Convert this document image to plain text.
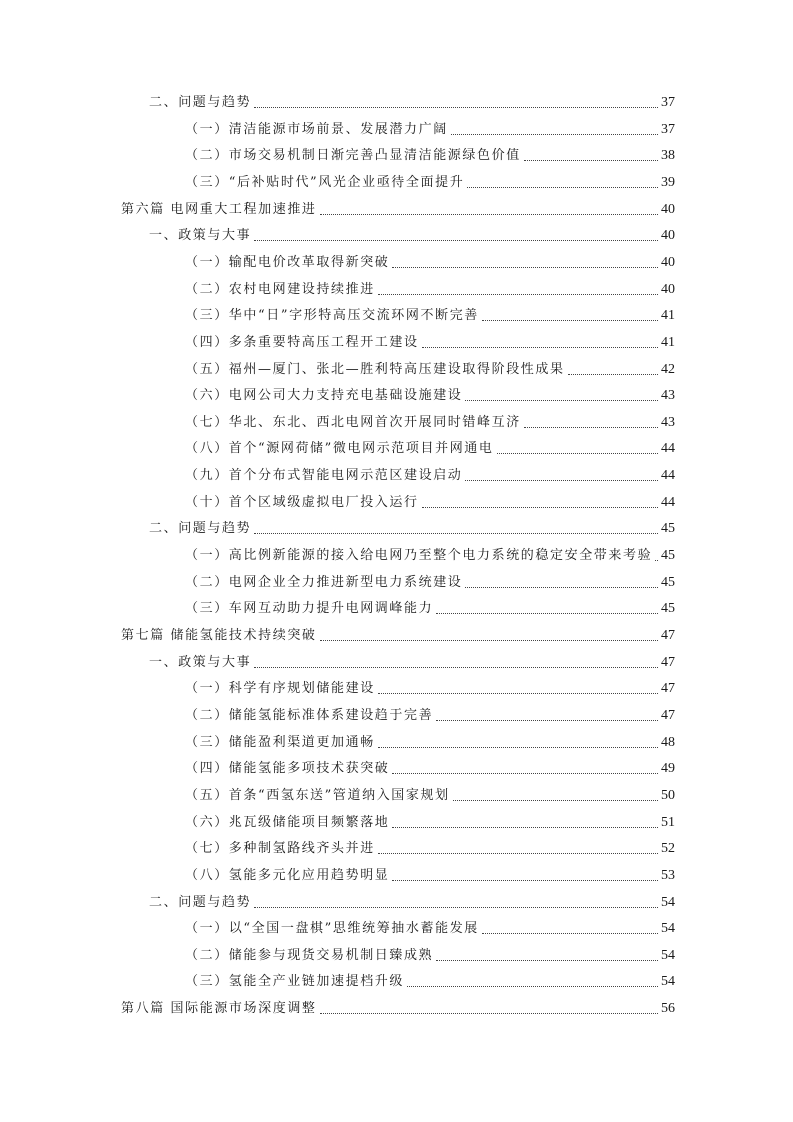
二、问题与趋势	37
（一）清洁能源市场前景、发展潜力广阔	37
（二）市场交易机制日渐完善凸显清洁能源绿色价值	38
（三）“后补贴时代”风光企业亟待全面提升	39
第六篇 电网重大工程加速推进	40
一、政策与大事	40
（一）输配电价改革取得新突破	40
（二）农村电网建设持续推进	40
（三）华中“日”字形特高压交流环网不断完善	41
（四）多条重要特高压工程开工建设	41
（五）福州—厦门、张北—胜利特高压建设取得阶段性成果	42
（六）电网公司大力支持充电基础设施建设	43
（七）华北、东北、西北电网首次开展同时错峰互济	43
（八）首个“源网荷储”微电网示范项目并网通电	44
（九）首个分布式智能电网示范区建设启动	44
（十）首个区域级虚拟电厂投入运行	44
二、问题与趋势	45
（一）高比例新能源的接入给电网乃至整个电力系统的稳定安全带来考验 45
（二）电网企业全力推进新型电力系统建设	45
（三）车网互动助力提升电网调峰能力	45
第七篇 储能氢能技术持续突破	47
一、政策与大事	47
（一）科学有序规划储能建设	47
（二）储能氢能标准体系建设趋于完善	47
（三）储能盈利渠道更加通畅	48
（四）储能氢能多项技术获突破	49
（五）首条“西氢东送”管道纳入国家规划	50
（六）兆瓦级储能项目频繁落地	51
（七）多种制氢路线齐头并进	52
（八）氢能多元化应用趋势明显	53
二、问题与趋势	54
（一）以“全国一盘棋”思维统筹抽水蓄能发展	54
（二）储能参与现货交易机制日臻成熟	54
（三）氢能全产业链加速提档升级	54
第八篇 国际能源市场深度调整	56
